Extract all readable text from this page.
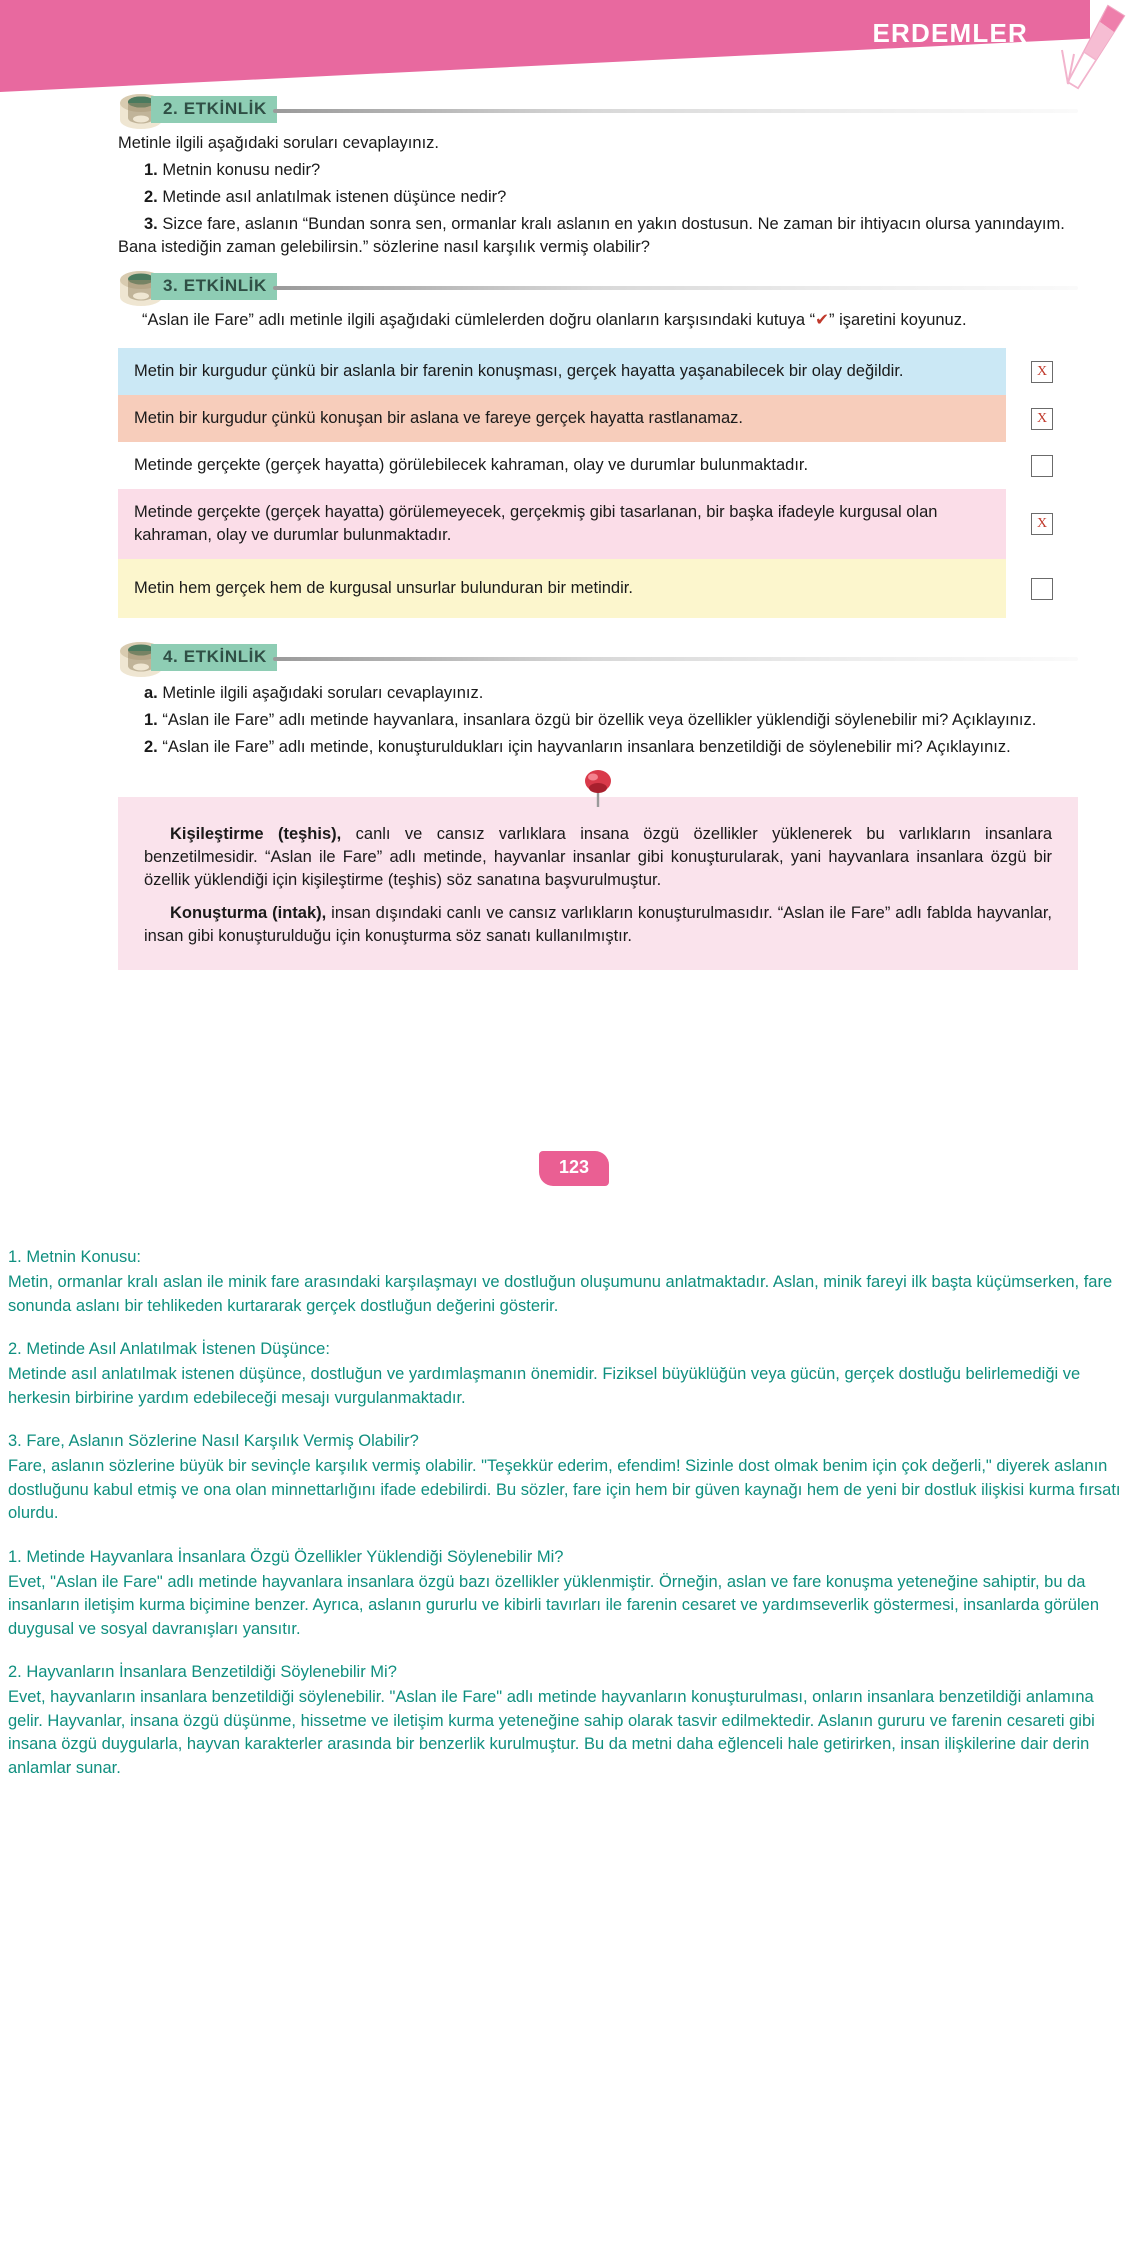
ERDEMLER
2. ETKİNLİK

Metinle ilgili aşağıdaki soruları cevaplayınız.

1. Metnin konusu nedir?

2. Metinde asıl anlatılmak istenen düşünce nedir?

3. Sizce fare, aslanın “Bundan sonra sen, ormanlar kralı aslanın en yakın dostusun. Ne zaman bir ihtiyacın olursa yanındayım. Bana istediğin zaman gelebilirsin.” sözlerine nasıl karşılık vermiş olabilir?

3. ETKİNLİK

“Aslan ile Fare” adlı metinle ilgili aşağıdaki cümlelerden doğru olanların karşısındaki kutuya “✔” işaretini koyunuz.

Metin bir kurgudur çünkü bir aslanla bir farenin konuşması, gerçek hayatta yaşanabilecek bir olay değildir.	X
Metin bir kurgudur çünkü konuşan bir aslana ve fareye gerçek hayatta rastlanamaz.	X
Metinde gerçekte (gerçek hayatta) görülebilecek kahraman, olay ve durumlar bulunmaktadır.
Metinde gerçekte (gerçek hayatta) görülemeyecek, gerçekmiş gibi tasarlanan, bir başka ifadeyle kurgusal olan kahraman, olay ve durumlar bulunmaktadır.
X
Metin hem gerçek hem de kurgusal unsurlar bulunduran bir metindir.
4. ETKİNLİK

a. Metinle ilgili aşağıdaki soruları cevaplayınız.

1. “Aslan ile Fare” adlı metinde hayvanlara, insanlara özgü bir özellik veya özellikler yüklendiği söylenebilir mi? Açıklayınız.

2. “Aslan ile Fare” adlı metinde, konuşturuldukları için hayvanların insanlara benzetildiği de söylenebilir mi? Açıklayınız.

Kişileştirme (teşhis), canlı ve cansız varlıklara insana özgü özellikler yüklenerek bu varlıkların insanlara benzetilmesidir. “Aslan ile Fare” adlı metinde, hayvanlar insanlar gibi konuşturularak, yani hayvanlara insanlara özgü bir özellik yüklendiği için kişileştirme (teşhis) söz sanatına başvurulmuştur.

Konuşturma (intak), insan dışındaki canlı ve cansız varlıkların konuşturulmasıdır. “Aslan ile Fare” adlı fablda hayvanlar, insan gibi konuşturulduğu için konuşturma söz sanatı kullanılmıştır.

123

1. Metnin Konusu:

Metin, ormanlar kralı aslan ile minik fare arasındaki karşılaşmayı ve dostluğun oluşumunu anlatmaktadır. Aslan, minik fareyi ilk başta küçümserken, fare sonunda aslanı bir tehlikeden kurtararak gerçek dostluğun değerini gösterir.

2. Metinde Asıl Anlatılmak İstenen Düşünce:

Metinde asıl anlatılmak istenen düşünce, dostluğun ve yardımlaşmanın önemidir. Fiziksel büyüklüğün veya gücün, gerçek dostluğu belirlemediği ve herkesin birbirine yardım edebileceği mesajı vurgulanmaktadır.

3. Fare, Aslanın Sözlerine Nasıl Karşılık Vermiş Olabilir?

Fare, aslanın sözlerine büyük bir sevinçle karşılık vermiş olabilir. "Teşekkür ederim, efendim! Sizinle dost olmak benim için çok değerli," diyerek aslanın dostluğunu kabul etmiş ve ona olan minnettarlığını ifade edebilirdi. Bu sözler, fare için hem bir güven kaynağı hem de yeni bir dostluk ilişkisi kurma fırsatı olurdu.

1. Metinde Hayvanlara İnsanlara Özgü Özellikler Yüklendiği Söylenebilir Mi?

Evet, "Aslan ile Fare" adlı metinde hayvanlara insanlara özgü bazı özellikler yüklenmiştir. Örneğin, aslan ve fare konuşma yeteneğine sahiptir, bu da insanların iletişim kurma biçimine benzer. Ayrıca, aslanın gururlu ve kibirli tavırları ile farenin cesaret ve yardımseverlik göstermesi, insanlarda görülen duygusal ve sosyal davranışları yansıtır.

2. Hayvanların İnsanlara Benzetildiği Söylenebilir Mi?

Evet, hayvanların insanlara benzetildiği söylenebilir. "Aslan ile Fare" adlı metinde hayvanların konuşturulması, onların insanlara benzetildiği anlamına gelir. Hayvanlar, insana özgü düşünme, hissetme ve iletişim kurma yeteneğine sahip olarak tasvir edilmektedir. Aslanın gururu ve farenin cesareti gibi insana özgü duygularla, hayvan karakterler arasında bir benzerlik kurulmuştur. Bu da metni daha eğlenceli hale getirirken, insan ilişkilerine dair derin anlamlar sunar.
